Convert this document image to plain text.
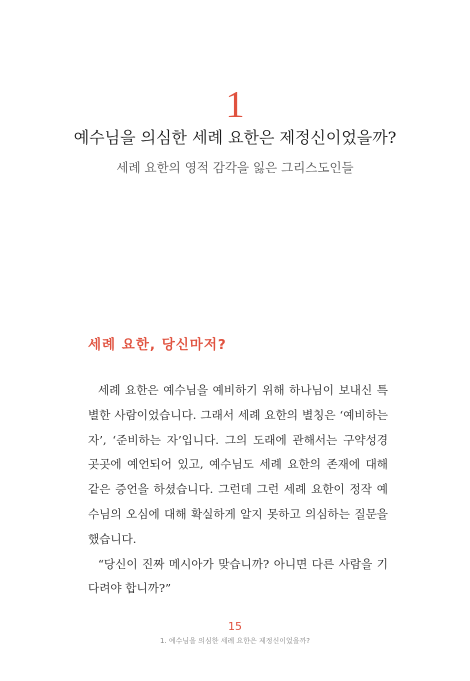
1
예수님을 의심한 세례 요한은 제정신이었을까?
세례 요한의 영적 감각을 잃은 그리스도인들
세례 요한, 당신마저?

세례 요한은 예수님을 예비하기 위해 하나님이 보내신 특별한 사람이었습니다. 그래서 세례 요한의 별칭은 ‘예비하는 자’, ‘준비하는 자’입니다. 그의 도래에 관해서는 구약성경 곳곳에 예언되어 있고, 예수님도 세례 요한의 존재에 대해 같은 증언을 하셨습니다. 그런데 그런 세례 요한이 정작 예수님의 오심에 대해 확실하게 알지 못하고 의심하는 질문을 했습니다.

“당신이 진짜 메시아가 맞습니까? 아니면 다른 사람을 기다려야 합니까?”

15
1. 예수님을 의심한 세례 요한은 제정신이었을까?
